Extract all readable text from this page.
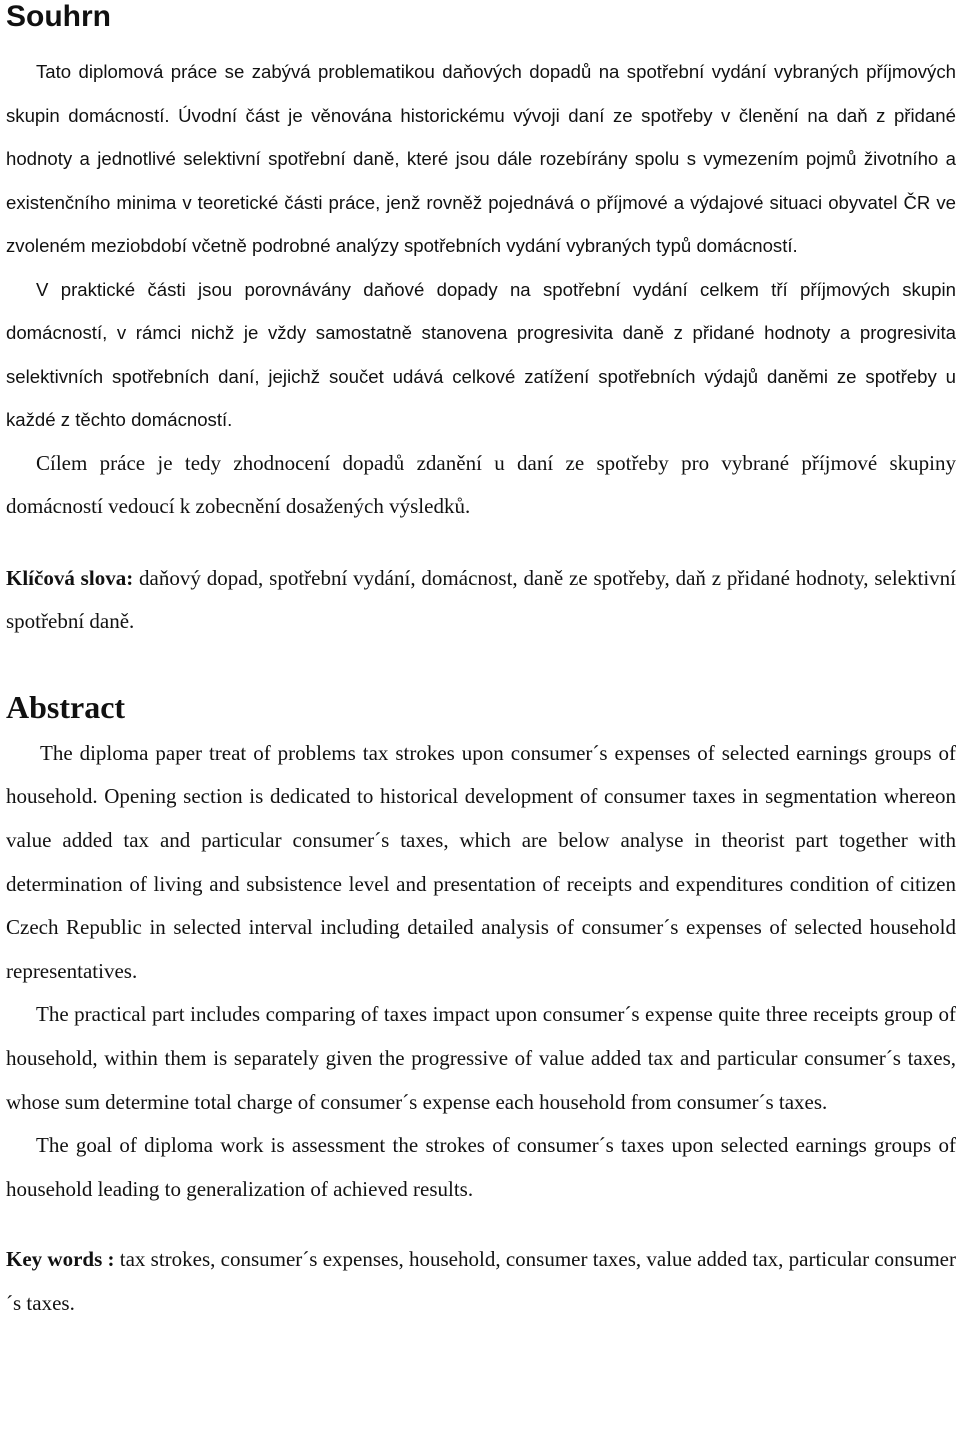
Souhrn

Tato diplomová práce se zabývá problematikou daňových dopadů na spotřební vydání vybraných příjmových skupin domácností. Úvodní část je věnována historickému vývoji daní ze spotřeby v členění na daň z přidané hodnoty a jednotlivé selektivní spotřební daně, které jsou dále rozebírány spolu s vymezením pojmů životního a existenčního minima v teoretické části práce, jenž rovněž pojednává o příjmové a výdajové situaci obyvatel ČR ve zvoleném meziobdobí včetně podrobné analýzy spotřebních vydání vybraných typů domácností.

V praktické části jsou porovnávány daňové dopady na spotřební vydání celkem tří příjmových skupin domácností, v rámci nichž je vždy samostatně stanovena progresivita daně z přidané hodnoty a progresivita selektivních spotřebních daní, jejichž součet udává celkové zatížení spotřebních výdajů daněmi ze spotřeby u každé z těchto domácností.

Cílem práce je tedy zhodnocení dopadů zdanění u daní ze spotřeby pro vybrané příjmové skupiny domácností vedoucí k zobecnění dosažených výsledků.

Klíčová slova: daňový dopad, spotřební vydání, domácnost, daně ze spotřeby, daň z přidané hodnoty, selektivní spotřební daně.

Abstract

The diploma paper treat of problems tax strokes upon consumer´s expenses of selected earnings groups of household. Opening section is dedicated to historical development of consumer taxes in segmentation whereon value added tax and particular consumer´s taxes, which are below analyse in theorist part together with determination of living and subsistence level and presentation of receipts and expenditures condition of citizen Czech Republic in selected interval including detailed analysis of consumer´s expenses of selected household representatives.

The practical part includes comparing of taxes impact upon consumer´s expense quite three receipts group of household, within them is separately given the progressive of value added tax and particular consumer´s taxes, whose sum determine total charge of consumer´s expense each household from consumer´s taxes.

The goal of diploma work is assessment the strokes of consumer´s taxes upon selected earnings groups of household leading to generalization of achieved results.

Key words : tax strokes, consumer´s expenses, household, consumer taxes, value added tax, particular consumer´s taxes.
